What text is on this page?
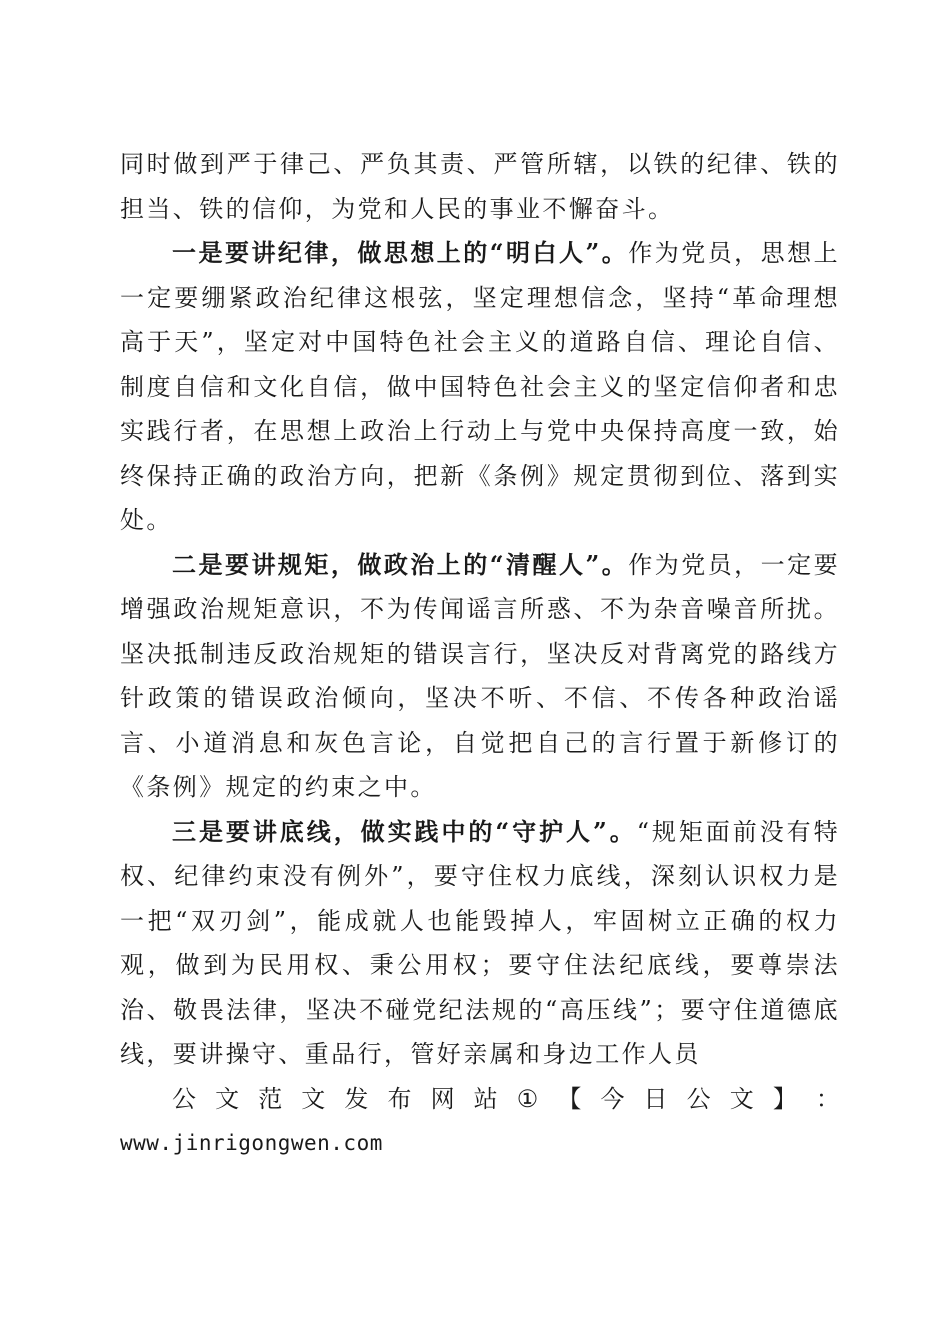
同时做到严于律己、严负其责、严管所辖，以铁的纪律、铁的担当、铁的信仰，为党和人民的事业不懈奋斗。

一是要讲纪律，做思想上的“明白人”。作为党员，思想上一定要绷紧政治纪律这根弦，坚定理想信念，坚持“革命理想高于天”，坚定对中国特色社会主义的道路自信、理论自信、制度自信和文化自信，做中国特色社会主义的坚定信仰者和忠实践行者，在思想上政治上行动上与党中央保持高度一致，始终保持正确的政治方向，把新《条例》规定贯彻到位、落到实处。

二是要讲规矩，做政治上的“清醒人”。作为党员，一定要增强政治规矩意识，不为传闻谣言所惑、不为杂音噪音所扰。坚决抵制违反政治规矩的错误言行，坚决反对背离党的路线方针政策的错误政治倾向，坚决不听、不信、不传各种政治谣言、小道消息和灰色言论，自觉把自己的言行置于新修订的《条例》规定的约束之中。

三是要讲底线，做实践中的“守护人”。“规矩面前没有特权、纪律约束没有例外”，要守住权力底线，深刻认识权力是一把“双刃剑”，能成就人也能毁掉人，牢固树立正确的权力观，做到为民用权、秉公用权；要守住法纪底线，要尊崇法治、敬畏法律，坚决不碰党纪法规的“高压线”；要守住道德底线，要讲操守、重品行，管好亲属和身边工作人员

公 文 范 文 发 布 网 站 ① 【 今 日 公 文 】 ：

www.jinrigongwen.com
